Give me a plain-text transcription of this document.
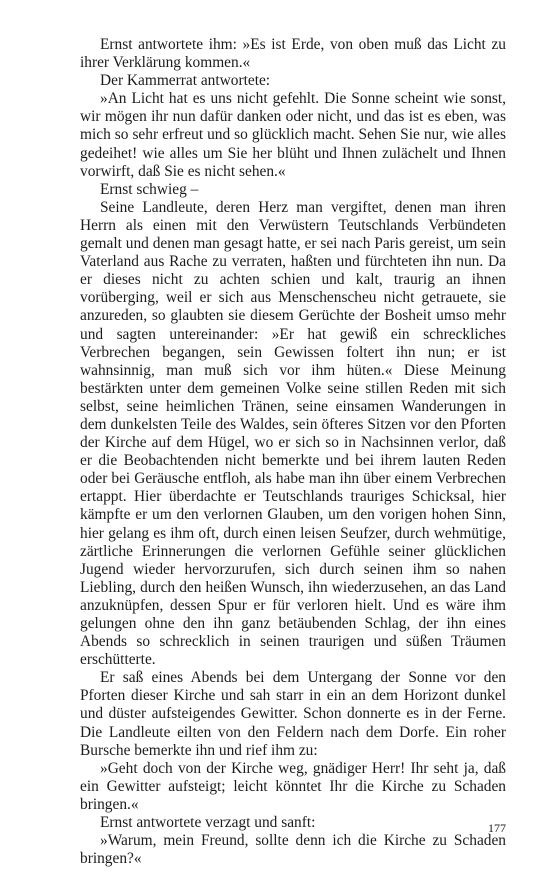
Ernst antwortete ihm: »Es ist Erde, von oben muß das Licht zu ihrer Verklärung kommen.«

Der Kammerrat antwortete:

»An Licht hat es uns nicht gefehlt. Die Sonne scheint wie sonst, wir mögen ihr nun dafür danken oder nicht, und das ist es eben, was mich so sehr erfreut und so glücklich macht. Sehen Sie nur, wie alles gedeihet! wie alles um Sie her blüht und Ihnen zulächelt und Ihnen vorwirft, daß Sie es nicht sehen.«

Ernst schwieg –

Seine Landleute, deren Herz man vergiftet, denen man ihren Herrn als einen mit den Verwüstern Teutschlands Verbündeten gemalt und denen man gesagt hatte, er sei nach Paris gereist, um sein Vaterland aus Rache zu verraten, haßten und fürchteten ihn nun. Da er dieses nicht zu achten schien und kalt, traurig an ihnen vorüberging, weil er sich aus Menschenscheu nicht getrauete, sie anzureden, so glaubten sie diesem Gerüchte der Bosheit umso mehr und sagten untereinander: »Er hat gewiß ein schreckliches Verbrechen begangen, sein Gewissen foltert ihn nun; er ist wahnsinnig, man muß sich vor ihm hüten.« Diese Meinung bestärkten unter dem gemeinen Volke seine stillen Reden mit sich selbst, seine heimlichen Tränen, seine einsamen Wanderungen in dem dunkelsten Teile des Waldes, sein öfteres Sitzen vor den Pforten der Kirche auf dem Hügel, wo er sich so in Nachsinnen verlor, daß er die Beobachtenden nicht bemerkte und bei ihrem lauten Reden oder bei Geräusche entfloh, als habe man ihn über einem Verbrechen ertappt. Hier überdachte er Teutschlands trauriges Schicksal, hier kämpfte er um den verlornen Glauben, um den vorigen hohen Sinn, hier gelang es ihm oft, durch einen leisen Seufzer, durch wehmütige, zärtliche Erinnerungen die verlornen Gefühle seiner glücklichen Jugend wieder hervorzurufen, sich durch seinen ihm so nahen Liebling, durch den heißen Wunsch, ihn wiederzusehen, an das Land anzuknüpfen, dessen Spur er für verloren hielt. Und es wäre ihm gelungen ohne den ihn ganz betäubenden Schlag, der ihn eines Abends so schrecklich in seinen traurigen und süßen Träumen erschütterte.

Er saß eines Abends bei dem Untergang der Sonne vor den Pforten dieser Kirche und sah starr in ein an dem Horizont dunkel und düster aufsteigendes Gewitter. Schon donnerte es in der Ferne. Die Landleute eilten von den Feldern nach dem Dorfe. Ein roher Bursche bemerkte ihn und rief ihm zu:

»Geht doch von der Kirche weg, gnädiger Herr! Ihr seht ja, daß ein Gewitter aufsteigt; leicht könntet Ihr die Kirche zu Schaden bringen.«

Ernst antwortete verzagt und sanft:

»Warum, mein Freund, sollte denn ich die Kirche zu Schaden bringen?«

177
